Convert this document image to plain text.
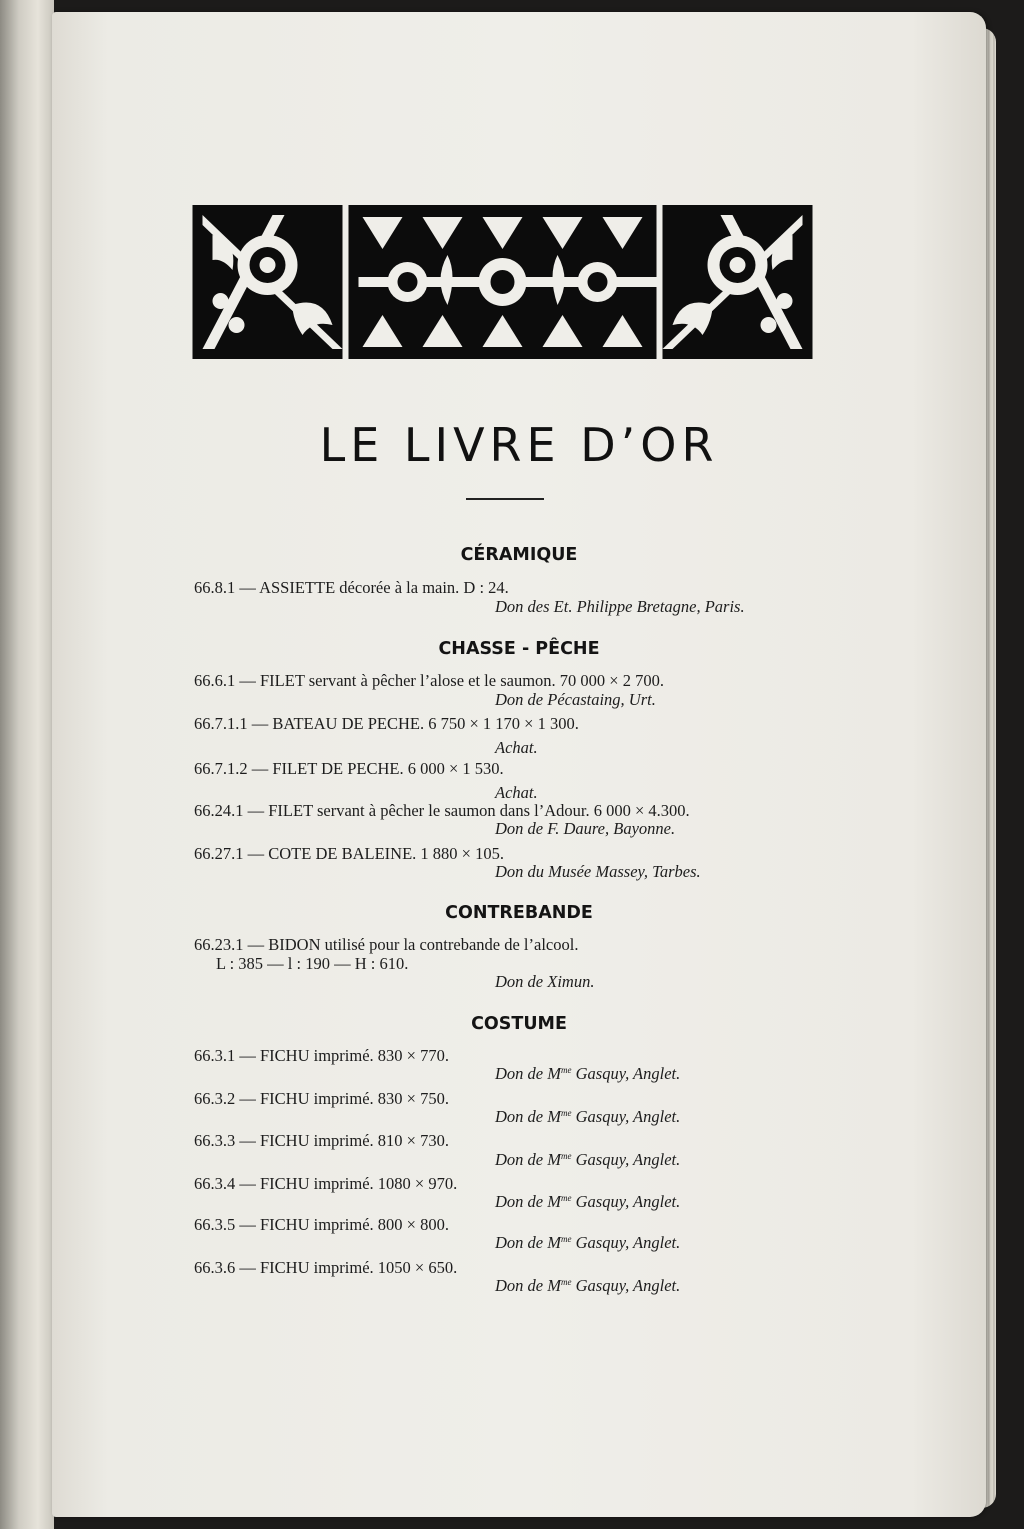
LE LIVRE D’OR
CÉRAMIQUE
66.8.1 — ASSIETTE décorée à la main. D : 24.
Don des Et. Philippe Bretagne, Paris.
CHASSE - PÊCHE
66.6.1 — FILET servant à pêcher l’alose et le saumon. 70 000 × 2 700.
Don de Pécastaing, Urt.
66.7.1.1 — BATEAU DE PECHE. 6 750 × 1 170 × 1 300.
Achat.
66.7.1.2 — FILET DE PECHE. 6 000 × 1 530.
Achat.
66.24.1 — FILET servant à pêcher le saumon dans l’Adour. 6 000 × 4.300.
Don de F. Daure, Bayonne.
66.27.1 — COTE DE BALEINE. 1 880 × 105.
Don du Musée Massey, Tarbes.
CONTREBANDE
66.23.1 — BIDON utilisé pour la contrebande de l’alcool.
L : 385 — l : 190 — H : 610.
Don de Ximun.
COSTUME
66.3.1 — FICHU imprimé. 830 × 770.
Don de $M^{me}$ Gasquy, Anglet.
66.3.2 — FICHU imprimé. 830 × 750.
Don de $M^{me}$ Gasquy, Anglet.
66.3.3 — FICHU imprimé. 810 × 730.
Don de $M^{me}$ Gasquy, Anglet.
66.3.4 — FICHU imprimé. 1080 × 970.
Don de $M^{me}$ Gasquy, Anglet.
66.3.5 — FICHU imprimé. 800 × 800.
Don de $M^{me}$ Gasquy, Anglet.
66.3.6 — FICHU imprimé. 1050 × 650.
Don de $M^{me}$ Gasquy, Anglet.
